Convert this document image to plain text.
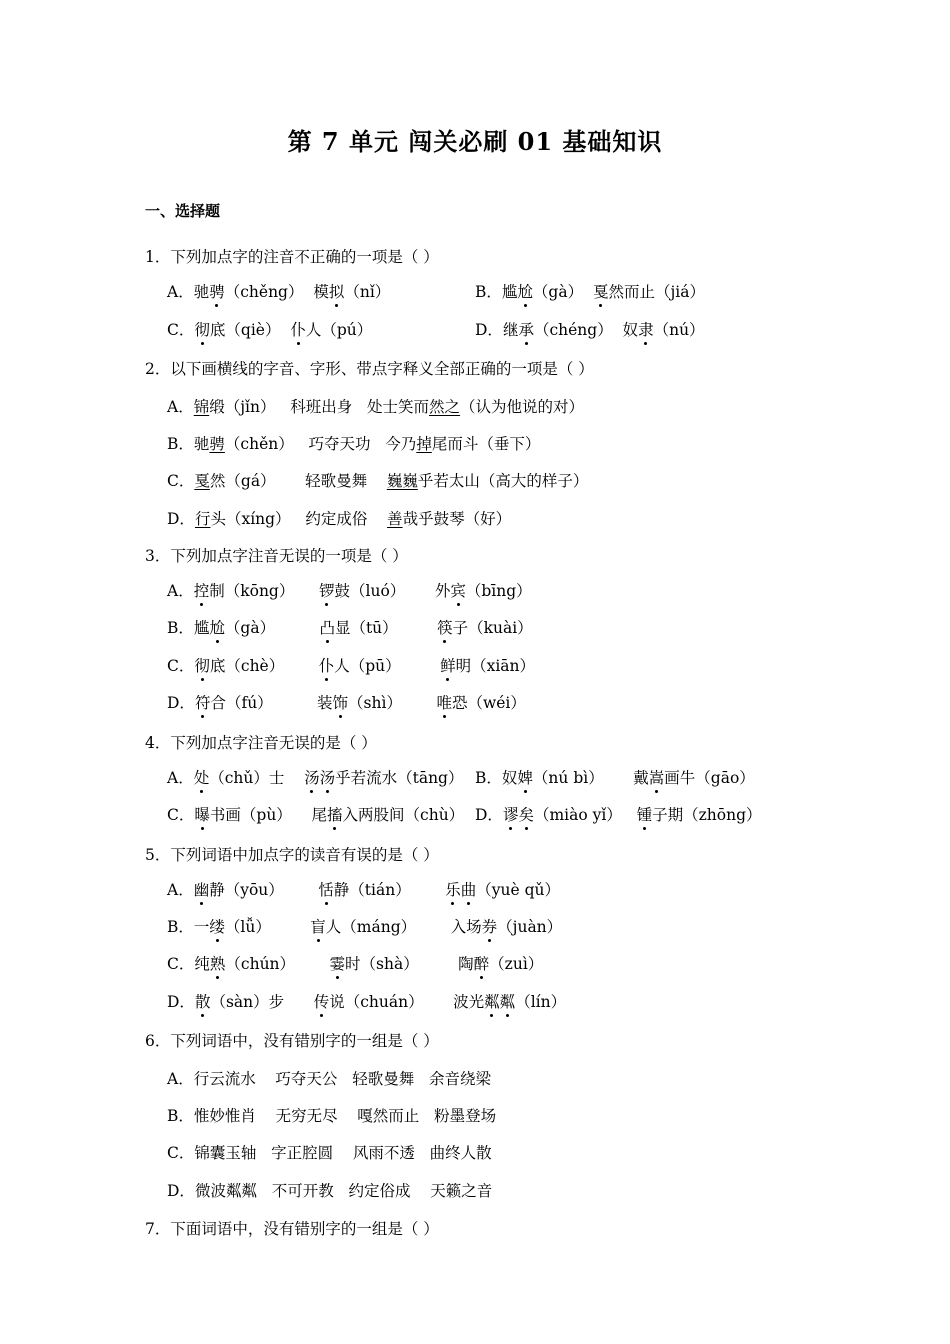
第 7 单元 闯关必刷 01 基础知识
一、选择题
1．下列加点字的注音不正确的一项是（ ）
A．驰骋（chěng）  模拟（nǐ）	B．尴尬（gà）  戛然而止（jiá）
C．彻底（qiè）  仆人（pú）	D．继承（chéng）  奴隶（nú）
2．以下画横线的字音、字形、带点字释义全部正确的一项是（ ）
A．锦缎（jǐn）   科班出身   处士笑而然之（认为他说的对）
B．驰骋（chěn）   巧夺天功   今乃掉尾而斗（垂下）
C．戛然（gá）      轻歌曼舞    巍巍乎若太山（高大的样子）
D．行头（xíng）   约定成俗    善哉乎鼓琴（好）
3．下列加点字注音无误的一项是（ ）
A．控制（kōng）     锣鼓（luó）      外宾（bīng）
B．尴尬（gà）         凸显（tū）        筷子（kuài）
C．彻底（chè）       仆人（pū）        鲜明（xiān）
D．符合（fú）         装饰（shì）       唯恐（wéi）
4．下列加点字注音无误的是（ ）
A．处（chǔ）士    汤汤乎若流水（tāng） B．奴婢（nú bì）      戴嵩画牛（gāo）
C．曝书画（pù）    尾搐入两股间（chù） D．谬矣（miào yǐ）   锺子期（zhōng）
5．下列词语中加点字的读音有误的是（ ）
A．幽静（yōu）       恬静（tián）       乐曲（yuè qǔ）
B．一缕（lǚ）        盲人（máng）       入场券（juàn）
C．纯熟（chún）       霎时（shà）        陶醉（zuì）
D．散（sàn）步      传说（chuán）      波光粼粼（lín）
6．下列词语中，没有错别字的一组是（ ）
A．行云流水    巧夺天公   轻歌曼舞   余音绕梁
B．惟妙惟肖    无穷无尽    嘎然而止   粉墨登场
C．锦囊玉轴   字正腔圆    风雨不透   曲终人散
D．微波粼粼   不可开教   约定俗成    天籁之音
7．下面词语中，没有错别字的一组是（ ）
